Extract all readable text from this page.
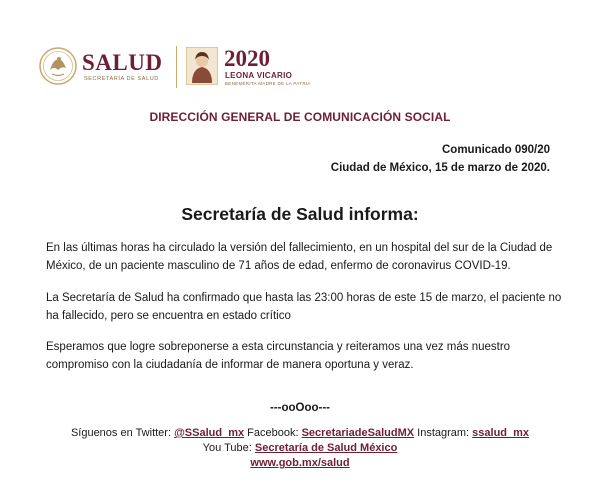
SALUD
SECRETARÍA DE SALUD
2020
LEONA VICARIO
BENEMÉRITA MADRE DE LA PATRIA
DIRECCIÓN GENERAL DE COMUNICACIÓN SOCIAL
Comunicado 090/20
Ciudad de México, 15 de marzo de 2020.
Secretaría de Salud informa:
En las últimas horas ha circulado la versión del fallecimiento, en un hospital del sur de la Ciudad de México, de un paciente masculino de 71 años de edad, enfermo de coronavirus COVID-19.
La Secretaría de Salud ha confirmado que hasta las 23:00 horas de este 15 de marzo, el paciente no ha fallecido, pero se encuentra en estado crítico
Esperamos que logre sobreponerse a esta circunstancia y reiteramos una vez más nuestro compromiso con la ciudadanía de informar de manera oportuna y veraz.
---ooOoo---
Síguenos en Twitter: @SSalud_mx Facebook: SecretariadeSaludMX Instagram: ssalud_mx
You Tube: Secretaría de Salud México
www.gob.mx/salud
